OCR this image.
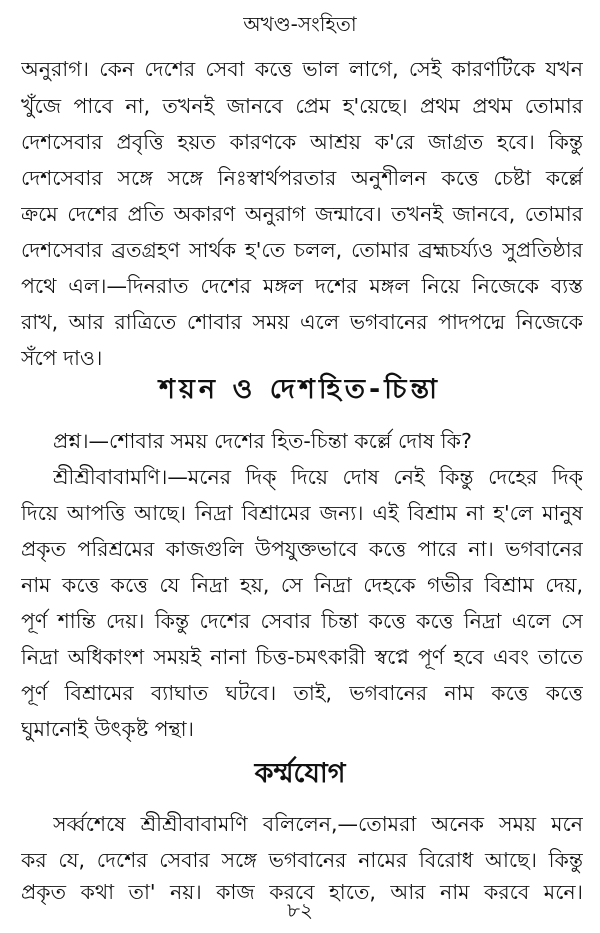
অখণ্ড-সংহিতা
অনুরাগ। কেন দেশের সেবা কত্তে ভাল লাগে, সেই কারণটিকে যখন
খুঁজে পাবে না, তখনই জানবে প্রেম হ'য়েছে। প্রথম প্রথম তোমার
দেশসেবার প্রবৃত্তি হয়ত কারণকে আশ্রয় ক'রে জাগ্রত হবে। কিন্তু
দেশসেবার সঙ্গে সঙ্গে নিঃস্বার্থপরতার অনুশীলন কত্তে চেষ্টা কর্ল্লে
ক্রমে দেশের প্রতি অকারণ অনুরাগ জন্মাবে। তখনই জানবে, তোমার
দেশসেবার ব্রতগ্রহণ সার্থক হ'তে চলল, তোমার ব্রহ্মচর্য্যও সুপ্রতিষ্ঠার
পথে এল।—দিনরাত দেশের মঙ্গল দশের মঙ্গল নিয়ে নিজেকে ব্যস্ত
রাখ, আর রাত্রিতে শোবার সময় এলে ভগবানের পাদপদ্মে নিজেকে
সঁপে দাও।
শয়ন ও দেশহিত-চিন্তা
প্রশ্ন।—শোবার সময় দেশের হিত-চিন্তা কর্ল্লে দোষ কি?
শ্রীশ্রীবাবামণি।—মনের দিক্ দিয়ে দোষ নেই কিন্তু দেহের দিক্
দিয়ে আপত্তি আছে। নিদ্রা বিশ্রামের জন্য। এই বিশ্রাম না হ'লে মানুষ
প্রকৃত পরিশ্রমের কাজগুলি উপযুক্তভাবে কত্তে পারে না। ভগবানের
নাম কত্তে কত্তে যে নিদ্রা হয়, সে নিদ্রা দেহকে গভীর বিশ্রাম দেয়,
পূর্ণ শান্তি দেয়। কিন্তু দেশের সেবার চিন্তা কত্তে কত্তে নিদ্রা এলে সে
নিদ্রা অধিকাংশ সময়ই নানা চিত্ত-চমৎকারী স্বপ্নে পূর্ণ হবে এবং তাতে
পূর্ণ বিশ্রামের ব্যাঘাত ঘটবে। তাই, ভগবানের নাম কত্তে কত্তে
ঘুমানোই উৎকৃষ্ট পন্থা।
কর্ম্মযোগ
সর্ব্বশেষে শ্রীশ্রীবাবামণি বলিলেন,—তোমরা অনেক সময় মনে
কর যে, দেশের সেবার সঙ্গে ভগবানের নামের বিরোধ আছে। কিন্তু
প্রকৃত কথা তা' নয়। কাজ করবে হাতে, আর নাম করবে মনে।
৮২
